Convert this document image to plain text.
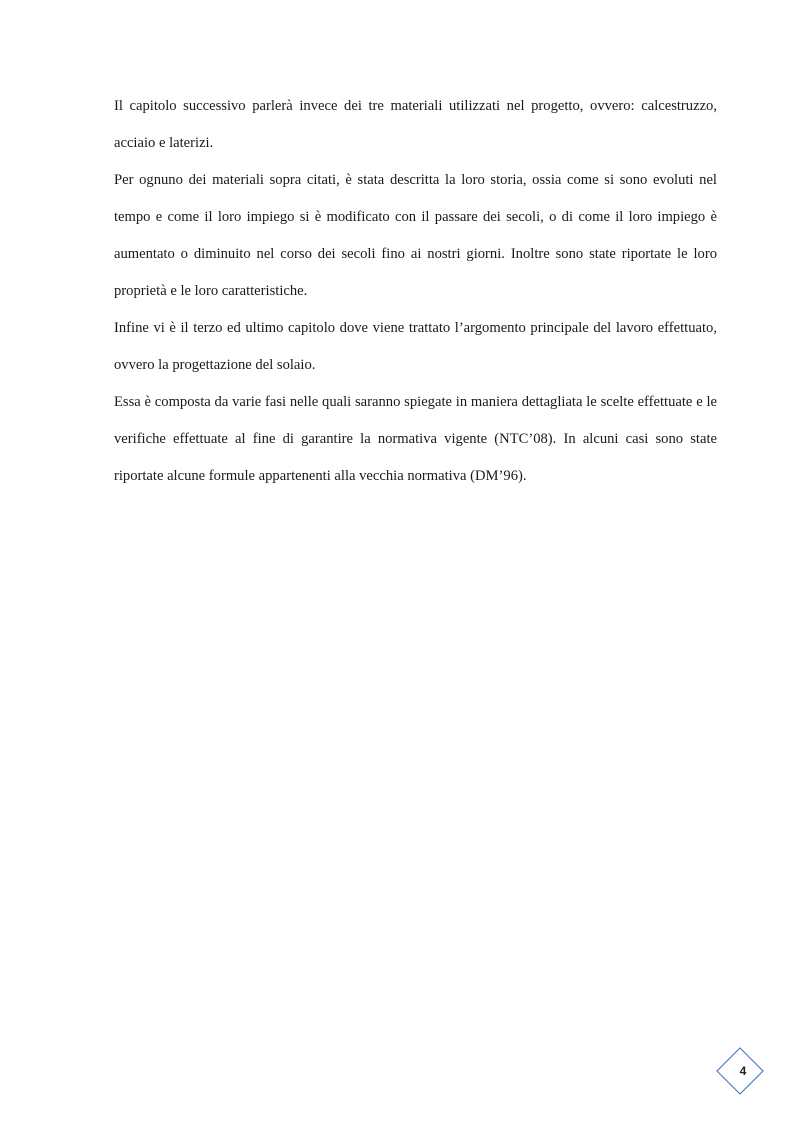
Il capitolo successivo parlerà invece dei tre materiali utilizzati nel progetto, ovvero: calcestruzzo, acciaio e laterizi.

Per ognuno dei materiali sopra citati, è stata descritta la loro storia, ossia come si sono evoluti nel tempo e come il loro impiego si è modificato con il passare dei secoli, o di come il loro impiego è aumentato o diminuito nel corso dei secoli fino ai nostri giorni. Inoltre sono state riportate le loro proprietà e le loro caratteristiche.

Infine vi è il terzo ed ultimo capitolo dove viene trattato l’argomento principale del lavoro effettuato, ovvero la progettazione del solaio.

Essa è composta da varie fasi nelle quali saranno spiegate in maniera dettagliata le scelte effettuate e le verifiche effettuate al fine di garantire la normativa vigente (NTC’08). In alcuni casi sono state riportate alcune formule appartenenti alla vecchia normativa (DM’96).

4
